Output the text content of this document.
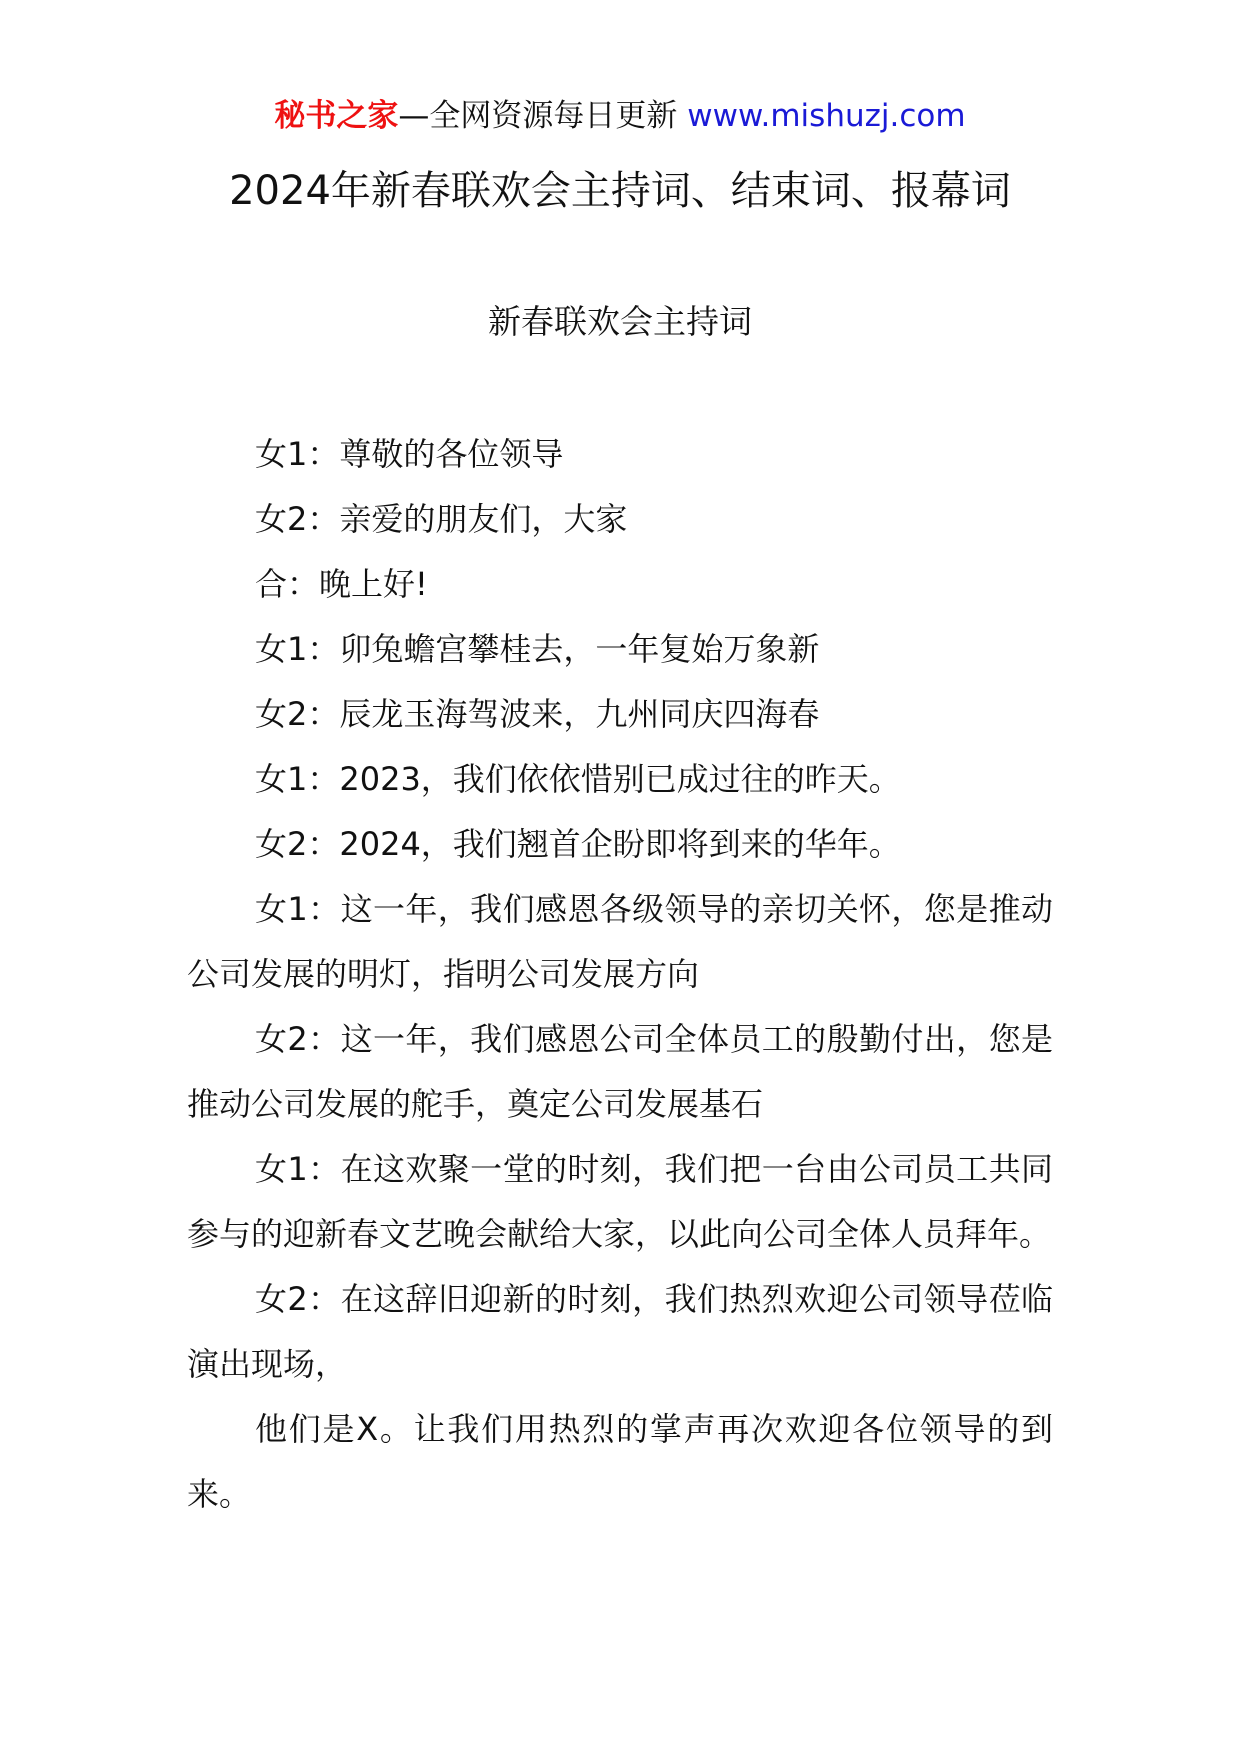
秘书之家—全网资源每日更新 www.mishuzj.com
2024年新春联欢会主持词、结束词、报幕词
新春联欢会主持词

女1：尊敬的各位领导

女2：亲爱的朋友们，大家

合：晚上好!

女1：卯兔蟾宫攀桂去，一年复始万象新

女2：辰龙玉海驾波来，九州同庆四海春

女1：2023，我们依依惜别已成过往的昨天。

女2：2024，我们翘首企盼即将到来的华年。

女1：这一年，我们感恩各级领导的亲切关怀，您是推动公司发展的明灯，指明公司发展方向

女2：这一年，我们感恩公司全体员工的殷勤付出，您是推动公司发展的舵手，奠定公司发展基石

女1：在这欢聚一堂的时刻，我们把一台由公司员工共同参与的迎新春文艺晚会献给大家，以此向公司全体人员拜年。

女2：在这辞旧迎新的时刻，我们热烈欢迎公司领导莅临演出现场，

他们是X。让我们用热烈的掌声再次欢迎各位领导的到来。
